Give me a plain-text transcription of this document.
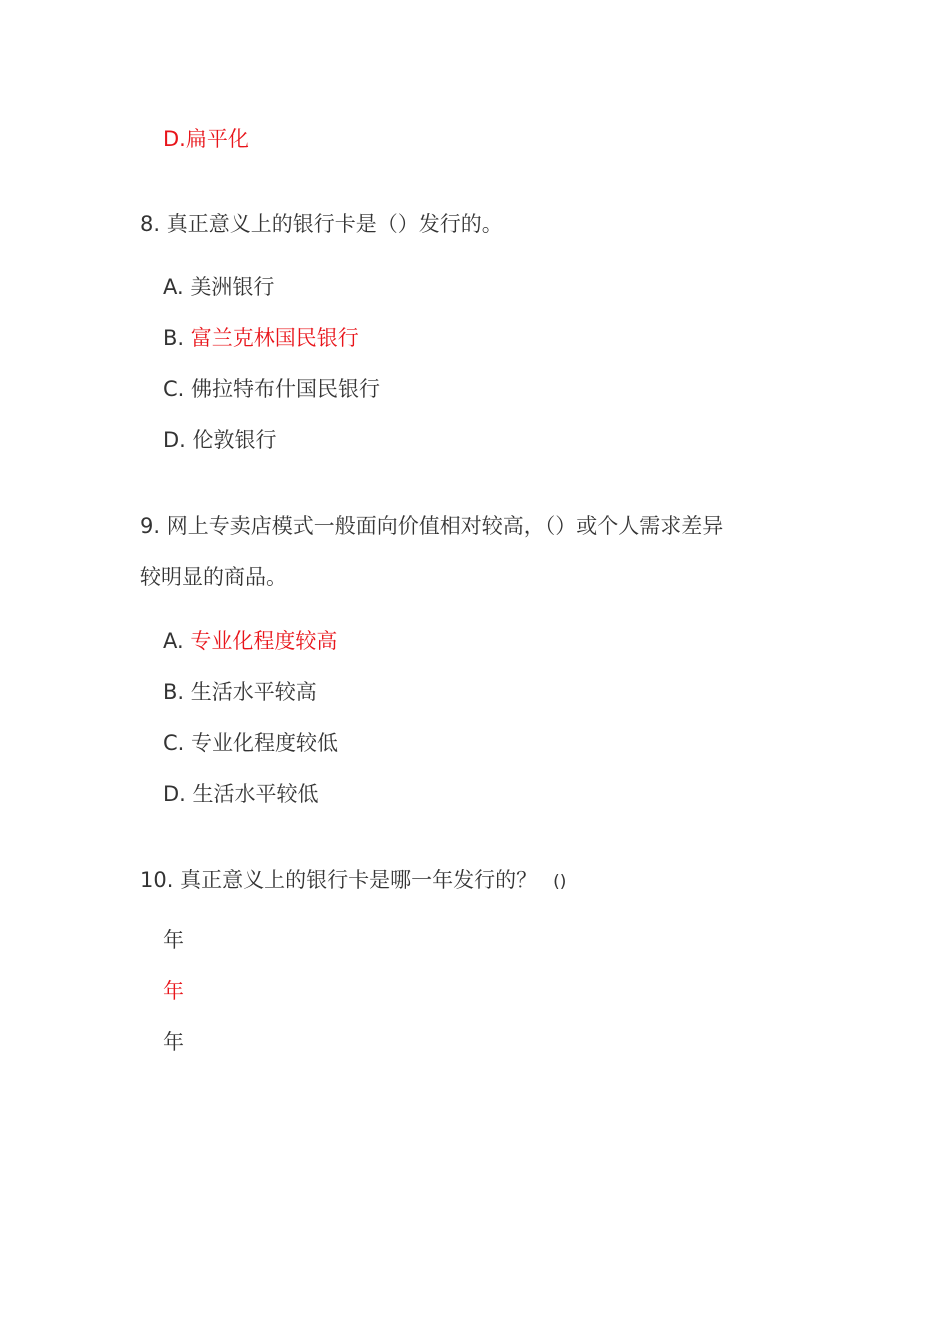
D.扁平化
8. 真正意义上的银行卡是（）发行的。
A. 美洲银行
B. 富兰克林国民银行
C. 佛拉特布什国民银行
D. 伦敦银行
9. 网上专卖店模式一般面向价值相对较高，（）或个人需求差异
较明显的商品。
A. 专业化程度较高
B. 生活水平较高
C. 专业化程度较低
D. 生活水平较低
10. 真正意义上的银行卡是哪一年发行的？ ()
年
年
年
